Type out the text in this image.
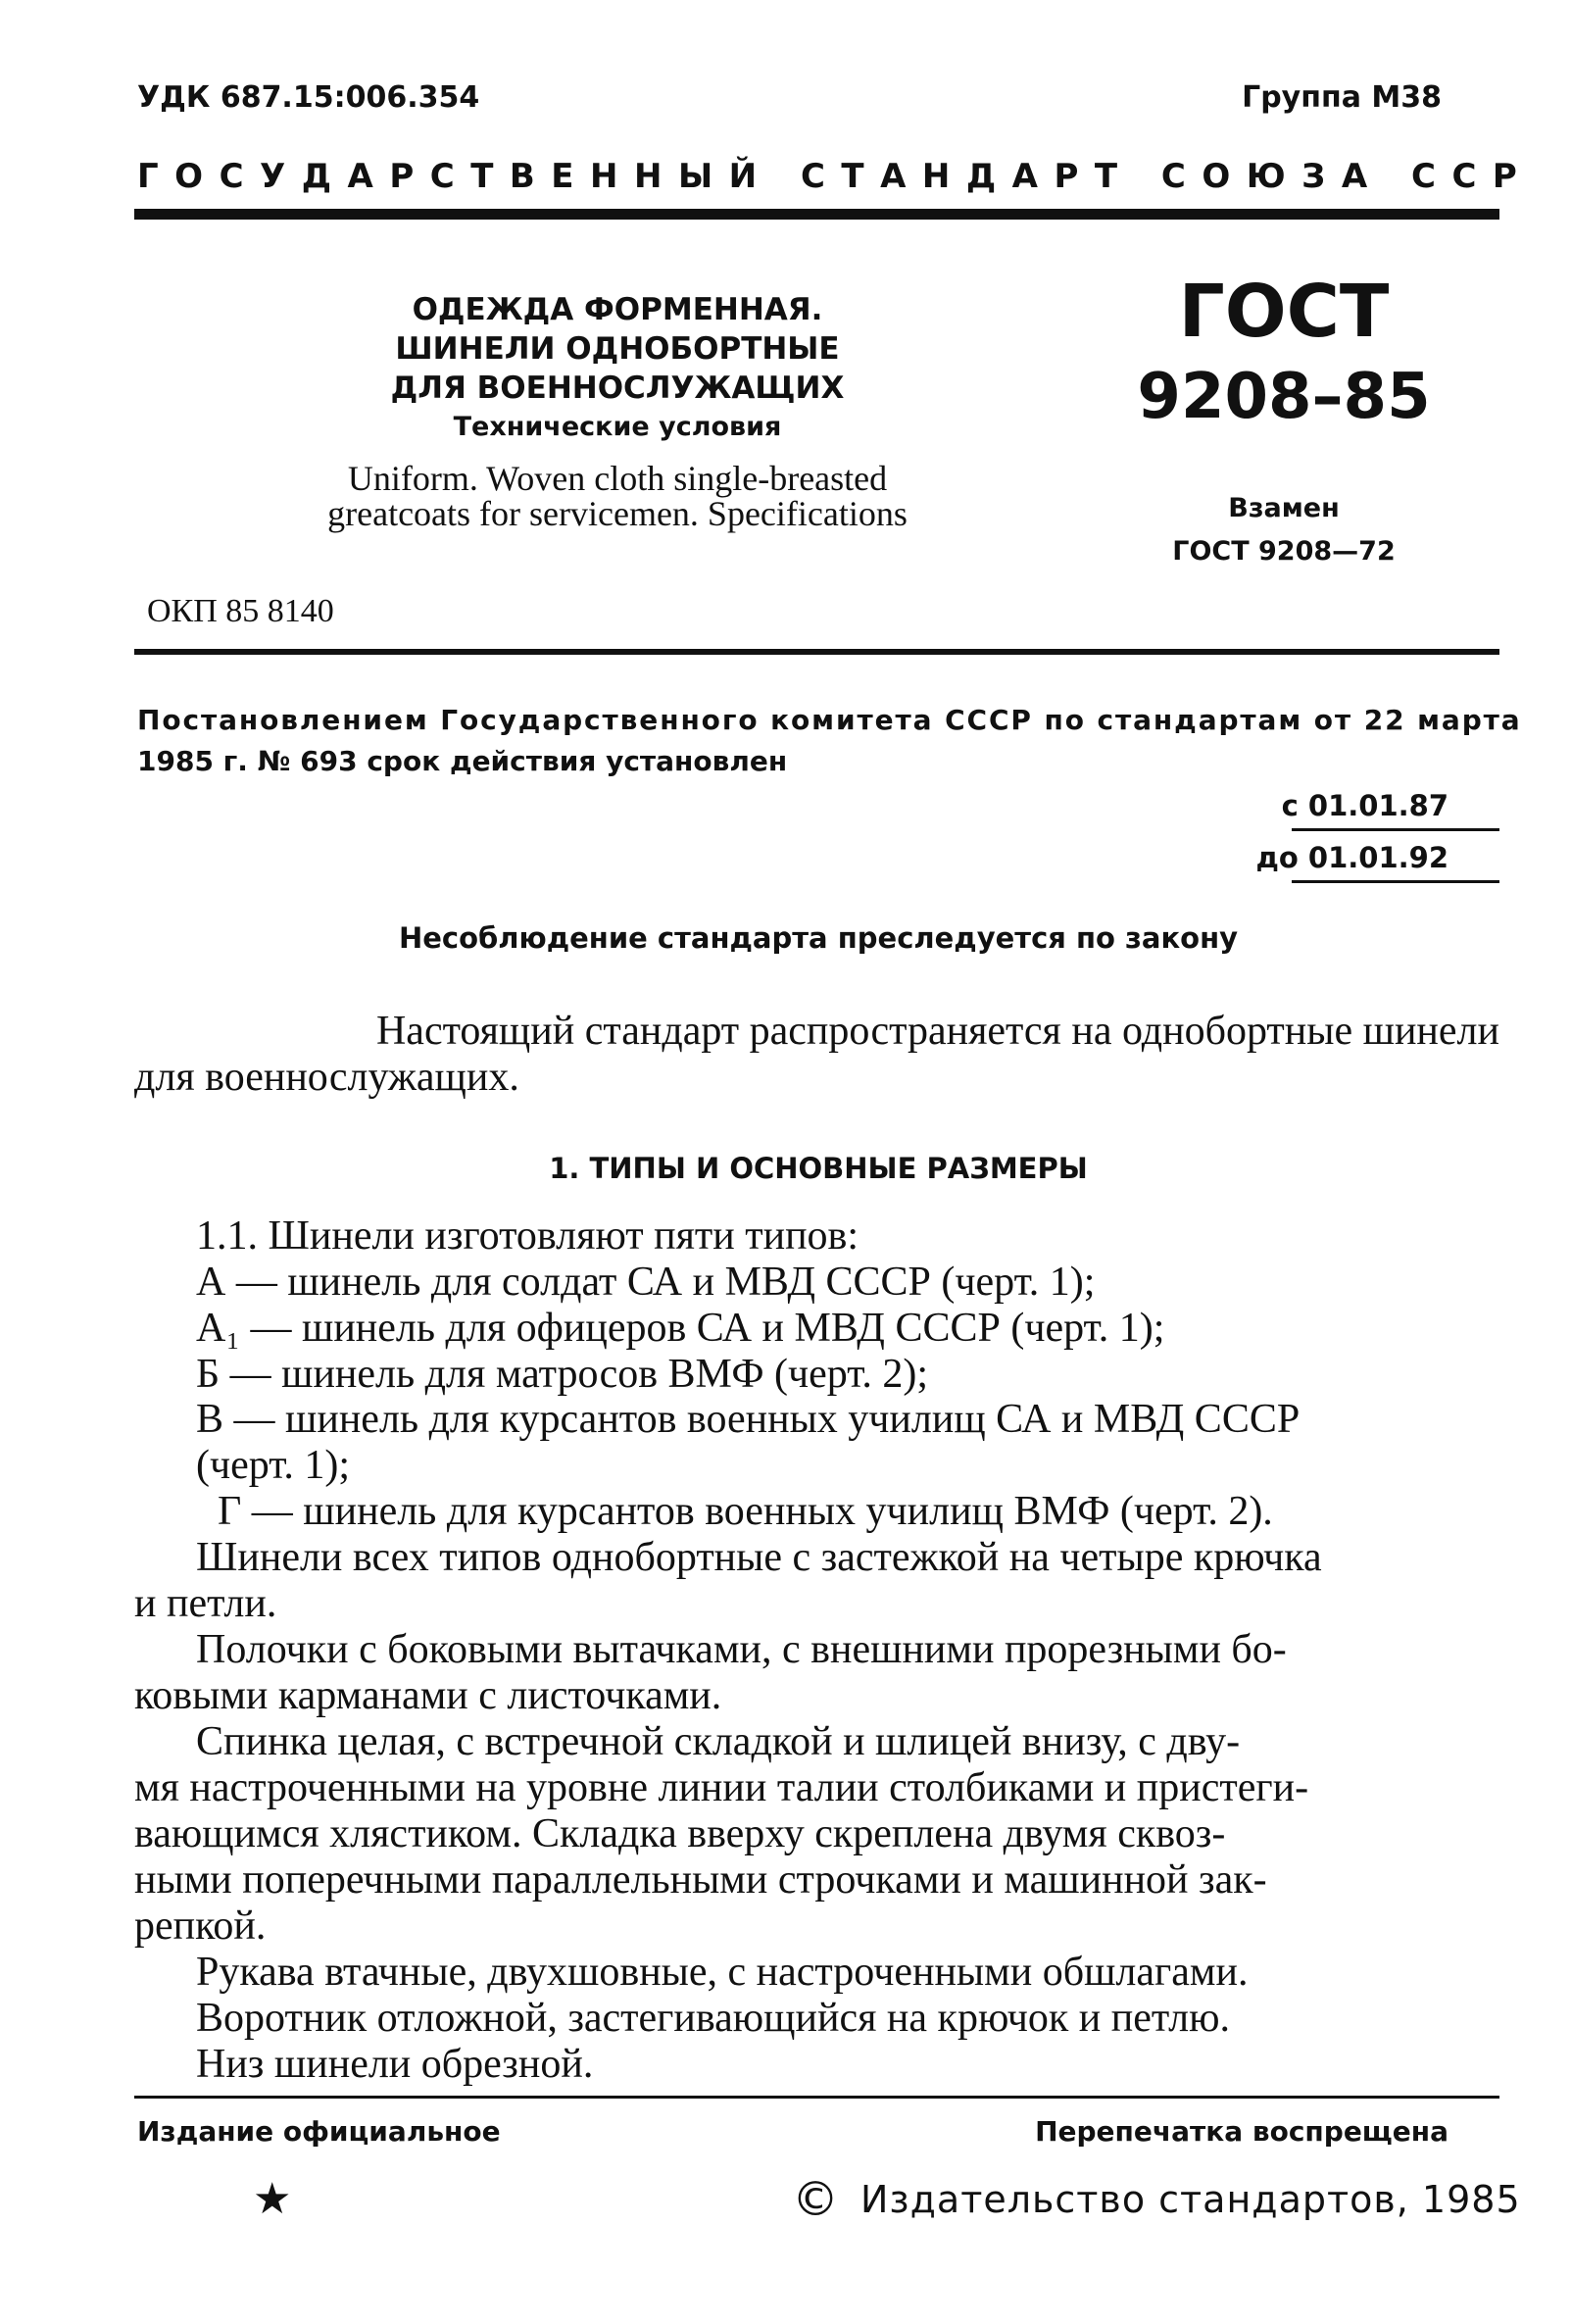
УДК 687.15:006.354	Группа М38
ГОСУДАРСТВЕННЫЙ СТАНДАРТ СОЮЗА ССР
ОДЕЖДА ФОРМЕННАЯ.
ШИНЕЛИ ОДНОБОРТНЫЕ
ДЛЯ ВОЕННОСЛУЖАЩИХ
Технические условия
Uniform. Woven cloth single-breasted
greatcoats for servicemen. Specifications
ГОСТ
9208–85
Взамен
ГОСТ 9208—72
ОКП 85 8140
Постановлением Государственного комитета СССР по стандартам от 22 марта
1985 г. № 693 срок действия установлен
с 01.01.87
до 01.01.92
Несоблюдение стандарта преследуется по закону
Настоящий стандарт распространяется на однобортные шинели
для военнослужащих.
1. ТИПЫ И ОСНОВНЫЕ РАЗМЕРЫ
1.1. Шинели изготовляют пяти типов:
А — шинель для солдат СА и МВД СССР (черт. 1);
А₁ — шинель для офицеров СА и МВД СССР (черт. 1);
Б — шинель для матросов ВМФ (черт. 2);
В — шинель для курсантов военных училищ СА и МВД СССР
(черт. 1);
Г — шинель для курсантов военных училищ ВМФ (черт. 2).
Шинели всех типов однобортные с застежкой на четыре крючка
и петли.
Полочки с боковыми вытачками, с внешними прорезными бо-
ковыми карманами с листочками.
Спинка целая, с встречной складкой и шлицей внизу, с дву-
мя настроченными на уровне линии талии столбиками и пристеги-
вающимся хлястиком. Складка вверху скреплена двумя сквоз-
ными поперечными параллельными строчками и машинной зак-
репкой.
Рукава втачные, двухшовные, с настроченными обшлагами.
Воротник отложной, застегивающийся на крючок и петлю.
Низ шинели обрезной.
Издание официальное	Перепечатка воспрещена
★	© Издательство стандартов, 1985
